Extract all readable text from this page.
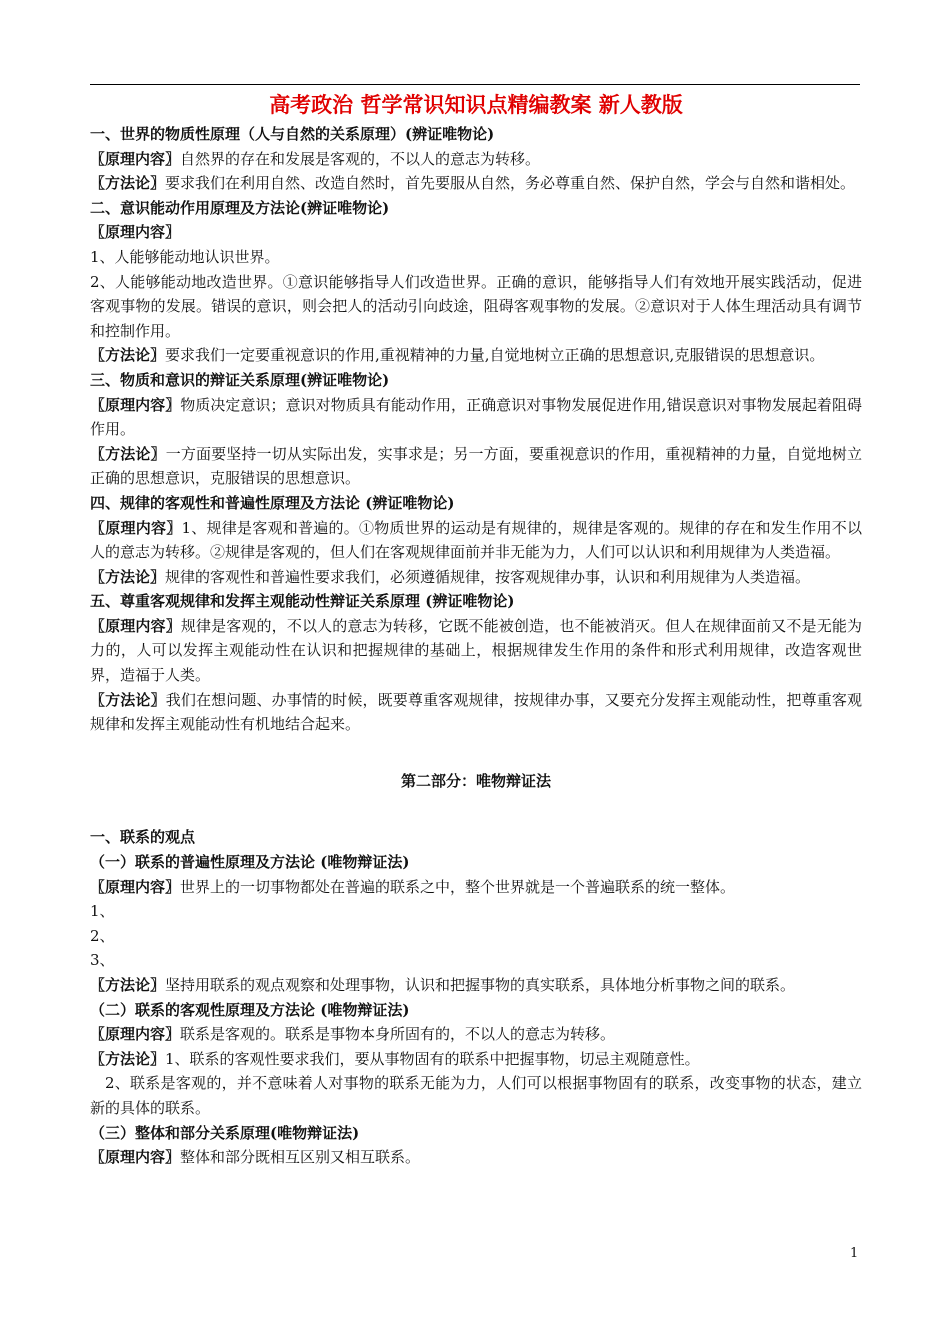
高考政治 哲学常识知识点精编教案 新人教版
一、世界的物质性原理（人与自然的关系原理）(辨证唯物论)
〖原理内容〗自然界的存在和发展是客观的，不以人的意志为转移。
〖方法论〗要求我们在利用自然、改造自然时，首先要服从自然，务必尊重自然、保护自然，学会与自然和谐相处。
二、意识能动作用原理及方法论(辨证唯物论)
〖原理内容〗
1、人能够能动地认识世界。
2、人能够能动地改造世界。①意识能够指导人们改造世界。正确的意识，能够指导人们有效地开展实践活动，促进客观事物的发展。错误的意识，则会把人的活动引向歧途，阻碍客观事物的发展。②意识对于人体生理活动具有调节和控制作用。
〖方法论〗要求我们一定要重视意识的作用,重视精神的力量,自觉地树立正确的思想意识,克服错误的思想意识。
三、物质和意识的辩证关系原理(辨证唯物论)
〖原理内容〗物质决定意识；意识对物质具有能动作用，正确意识对事物发展促进作用,错误意识对事物发展起着阻碍作用。
〖方法论〗一方面要坚持一切从实际出发，实事求是；另一方面，要重视意识的作用，重视精神的力量，自觉地树立正确的思想意识，克服错误的思想意识。
四、规律的客观性和普遍性原理及方法论 (辨证唯物论)
〖原理内容〗1、规律是客观和普遍的。①物质世界的运动是有规律的，规律是客观的。规律的存在和发生作用不以人的意志为转移。②规律是客观的，但人们在客观规律面前并非无能为力，人们可以认识和利用规律为人类造福。
〖方法论〗规律的客观性和普遍性要求我们，必须遵循规律，按客观规律办事，认识和利用规律为人类造福。
五、尊重客观规律和发挥主观能动性辩证关系原理 (辨证唯物论)
〖原理内容〗规律是客观的，不以人的意志为转移，它既不能被创造，也不能被消灭。但人在规律面前又不是无能为力的，人可以发挥主观能动性在认识和把握规律的基础上，根据规律发生作用的条件和形式利用规律，改造客观世界，造福于人类。
〖方法论〗我们在想问题、办事情的时候，既要尊重客观规律，按规律办事，又要充分发挥主观能动性，把尊重客观规律和发挥主观能动性有机地结合起来。
第二部分：唯物辩证法
一、联系的观点
（一）联系的普遍性原理及方法论 (唯物辩证法)
〖原理内容〗世界上的一切事物都处在普遍的联系之中，整个世界就是一个普遍联系的统一整体。
1、
2、
3、
〖方法论〗坚持用联系的观点观察和处理事物，认识和把握事物的真实联系，具体地分析事物之间的联系。
（二）联系的客观性原理及方法论 (唯物辩证法)
〖原理内容〗联系是客观的。联系是事物本身所固有的，不以人的意志为转移。
〖方法论〗1、联系的客观性要求我们，要从事物固有的联系中把握事物，切忌主观随意性。
2、联系是客观的，并不意味着人对事物的联系无能为力，人们可以根据事物固有的联系，改变事物的状态，建立新的具体的联系。
（三）整体和部分关系原理(唯物辩证法)
〖原理内容〗整体和部分既相互区别又相互联系。
1
